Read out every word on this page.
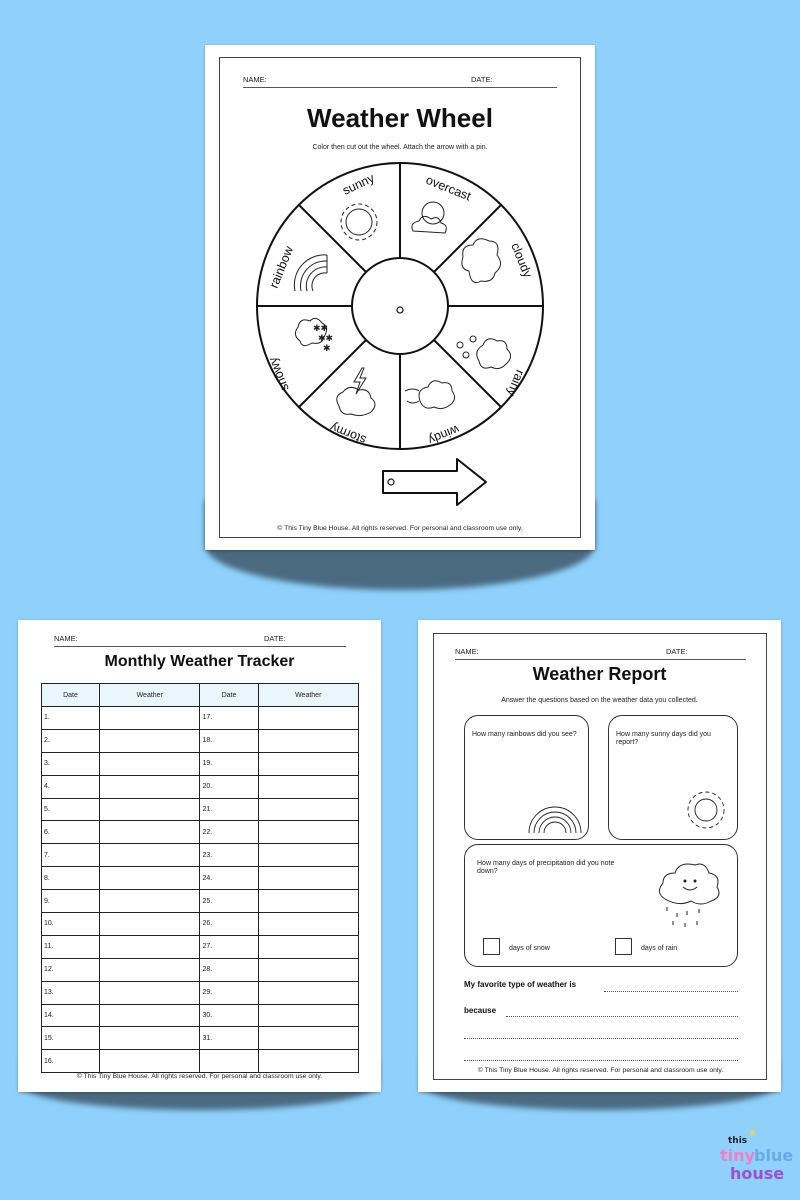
NAME:	DATE:
Weather Wheel
Color then cut out the wheel. Attach the arrow with a pin.
✱✱
✱✱
✱
sunny	overcast
cloudy
rainy
windy
stormy
snowy
rainbow
© This Tiny Blue House. All rights reserved. For personal and classroom use only.
NAME:	DATE:
Monthly Weather Tracker
Date	Weather	Date	Weather
1.		17.	
2.		18.	
3.		19.	
4.		20.	
5.		21.	
6.		22.	
7.		23.	
8.		24.	
9.		25.	
10.		26.	
11.		27.	
12.		28.	
13.		29.	
14.		30.	
15.		31.	
16.			
© This Tiny Blue House. All rights reserved. For personal and classroom use only.
NAME:	DATE:
Weather Report
Answer the questions based on the weather data you collected.
How many rainbows did you see?	How many sunny days did you report?
How many days of precipitation did you note down?
days of snow	days of rain
My favorite type of weather is
because
© This Tiny Blue House. All rights reserved. For personal and classroom use only.
this
★
tiny blue
house
